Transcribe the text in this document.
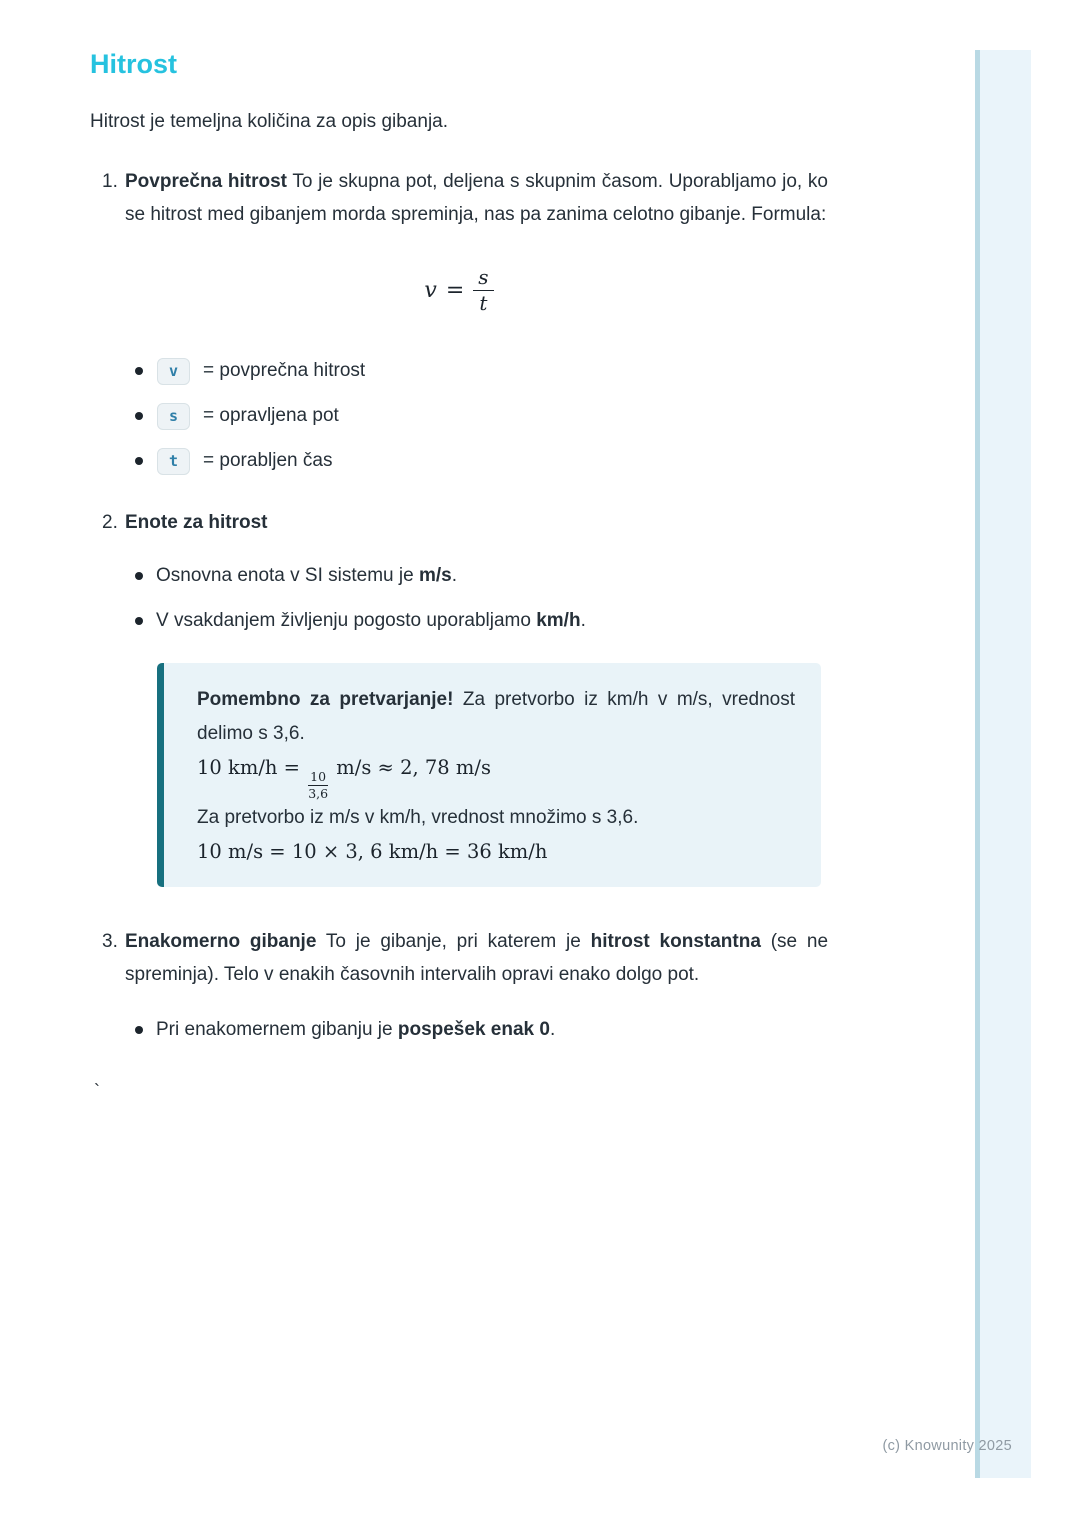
(c) Knowunity 2025
Hitrost

Hitrost je temeljna količina za opis gibanja.

1. Povprečna hitrost To je skupna pot, deljena s skupnim časom. Uporabljamo jo, ko se hitrost med gibanjem morda spreminja, nas pa zanima celotno gibanje. Formula:
$v = \frac{s}{t}$
v	= povprečna hitrost
s	= opravljena pot
t	= porabljen čas
2. Enote za hitrost
Osnovna enota v SI sistemu je m/s.
V vsakdanjem življenju pogosto uporabljamo km/h.
Pomembno za pretvarjanje! Za pretvorbo iz km/h v m/s, vrednost delimo s 3,6.
10 km/h =
$\frac{10}{3,6}$
m/s ≈ 2, 78 m/s
Za pretvorbo iz m/s v km/h, vrednost množimo s 3,6.
10 m/s = 10 × 3, 6 km/h = 36 km/h
3. Enakomerno gibanje To je gibanje, pri katerem je hitrost konstantna (se ne spreminja). Telo v enakih časovnih intervalih opravi enako dolgo pot.
Pri enakomernem gibanju je pospešek enak 0.
`
